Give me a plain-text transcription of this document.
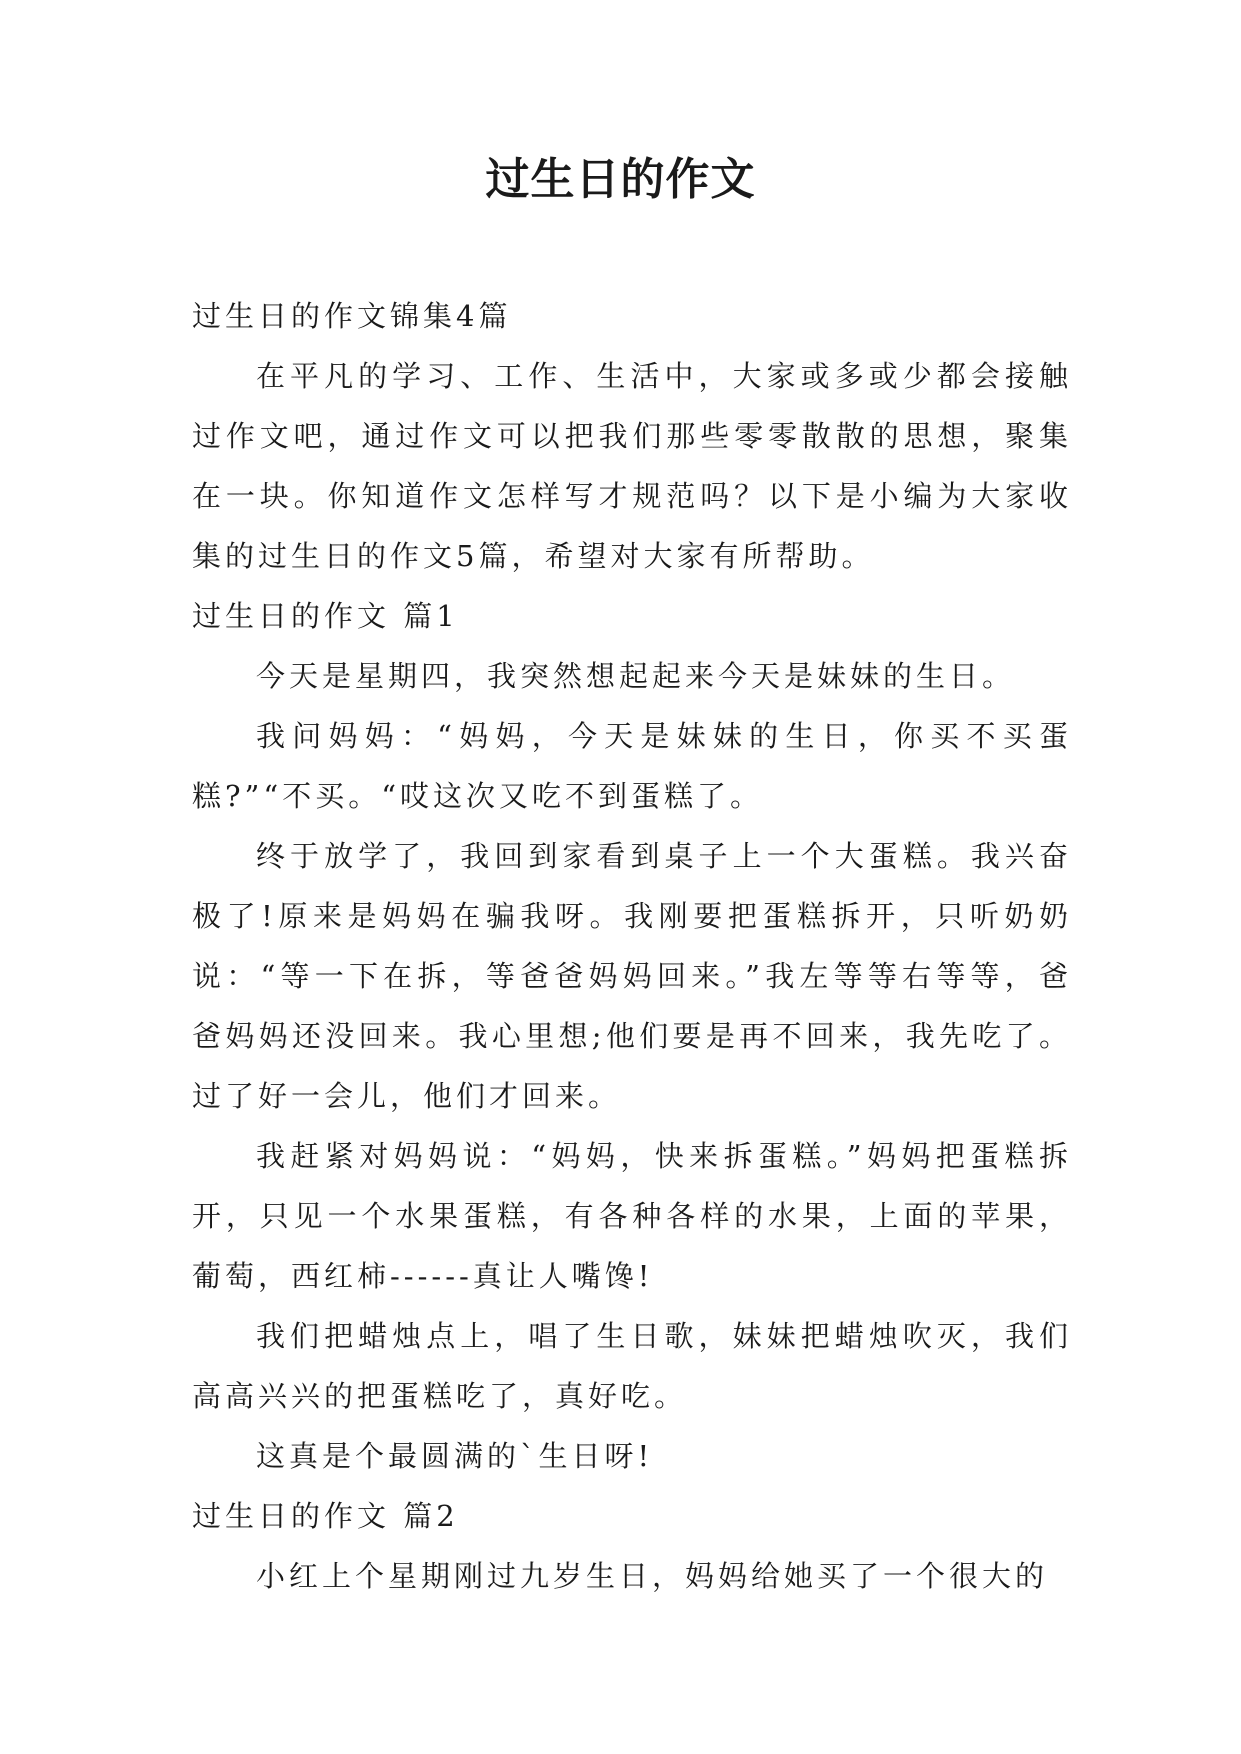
过生日的作文

过生日的作文锦集4篇

在平凡的学习、工作、生活中，大家或多或少都会接触过作文吧，通过作文可以把我们那些零零散散的思想，聚集在一块。你知道作文怎样写才规范吗？以下是小编为大家收集的过生日的作文5篇，希望对大家有所帮助。

过生日的作文 篇1

今天是星期四，我突然想起起来今天是妹妹的生日。

我问妈妈：“妈妈，今天是妹妹的生日，你买不买蛋糕?”“不买。“哎这次又吃不到蛋糕了。

终于放学了，我回到家看到桌子上一个大蛋糕。我兴奋极了!原来是妈妈在骗我呀。我刚要把蛋糕拆开，只听奶奶说：“等一下在拆，等爸爸妈妈回来。”我左等等右等等，爸爸妈妈还没回来。我心里想;他们要是再不回来，我先吃了。过了好一会儿，他们才回来。

我赶紧对妈妈说：“妈妈，快来拆蛋糕。”妈妈把蛋糕拆开，只见一个水果蛋糕，有各种各样的水果，上面的苹果，葡萄，西红柿------真让人嘴馋!

我们把蜡烛点上，唱了生日歌，妹妹把蜡烛吹灭，我们高高兴兴的把蛋糕吃了，真好吃。

这真是个最圆满的`生日呀!

过生日的作文 篇2

小红上个星期刚过九岁生日，妈妈给她买了一个很大的
